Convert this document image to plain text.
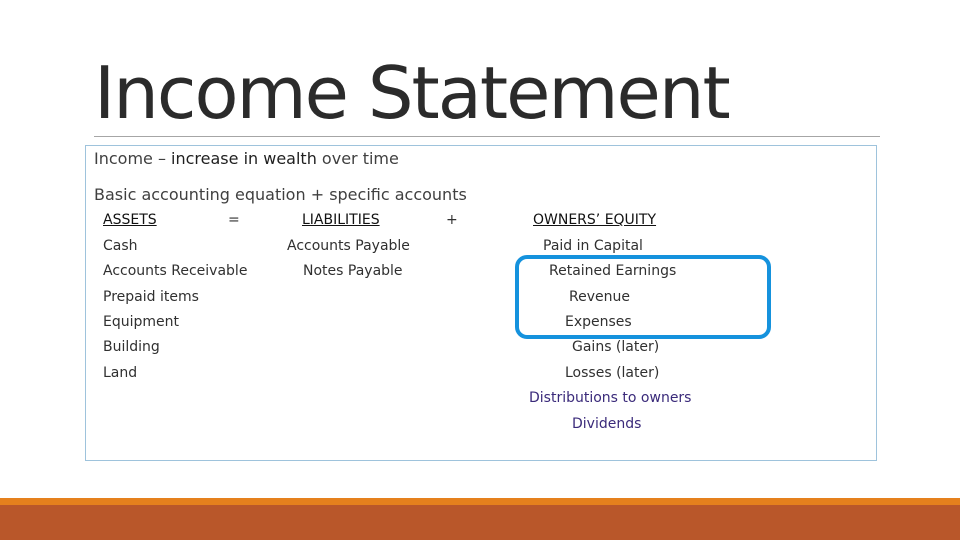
Income Statement
Income – increase in wealth over time
Basic accounting equation + specific accounts
ASSETS
Cash
Accounts Receivable
Prepaid items
Equipment
Building
Land
=	LIABILITIES
Accounts Payable
Notes Payable
+	OWNERS’ EQUITY
Paid in Capital
Retained Earnings
Revenue
Expenses
Gains (later)
Losses (later)
Distributions to owners
Dividends
